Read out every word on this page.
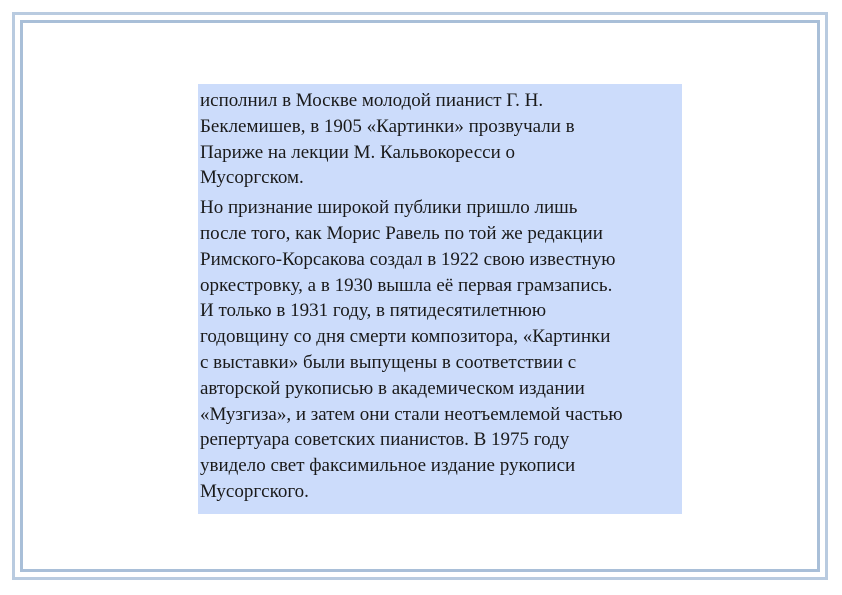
исполнил в Москве молодой пианист Г. Н.
Беклемишев, в 1905 «Картинки» прозвучали в
Париже на лекции М. Кальвокоресси о
Мусоргском.

Но признание широкой публики пришло лишь
после того, как Морис Равель по той же редакции
Римского-Корсакова создал в 1922 свою известную
оркестровку, а в 1930 вышла её первая грамзапись.
И только в 1931 году, в пятидесятилетнюю
годовщину со дня смерти композитора, «Картинки
с выставки» были выпущены в соответствии с
авторской рукописью в академическом издании
«Музгиза», и затем они стали неотъемлемой частью
репертуара советских пианистов. В 1975 году
увидело свет факсимильное издание рукописи
Мусоргского.
